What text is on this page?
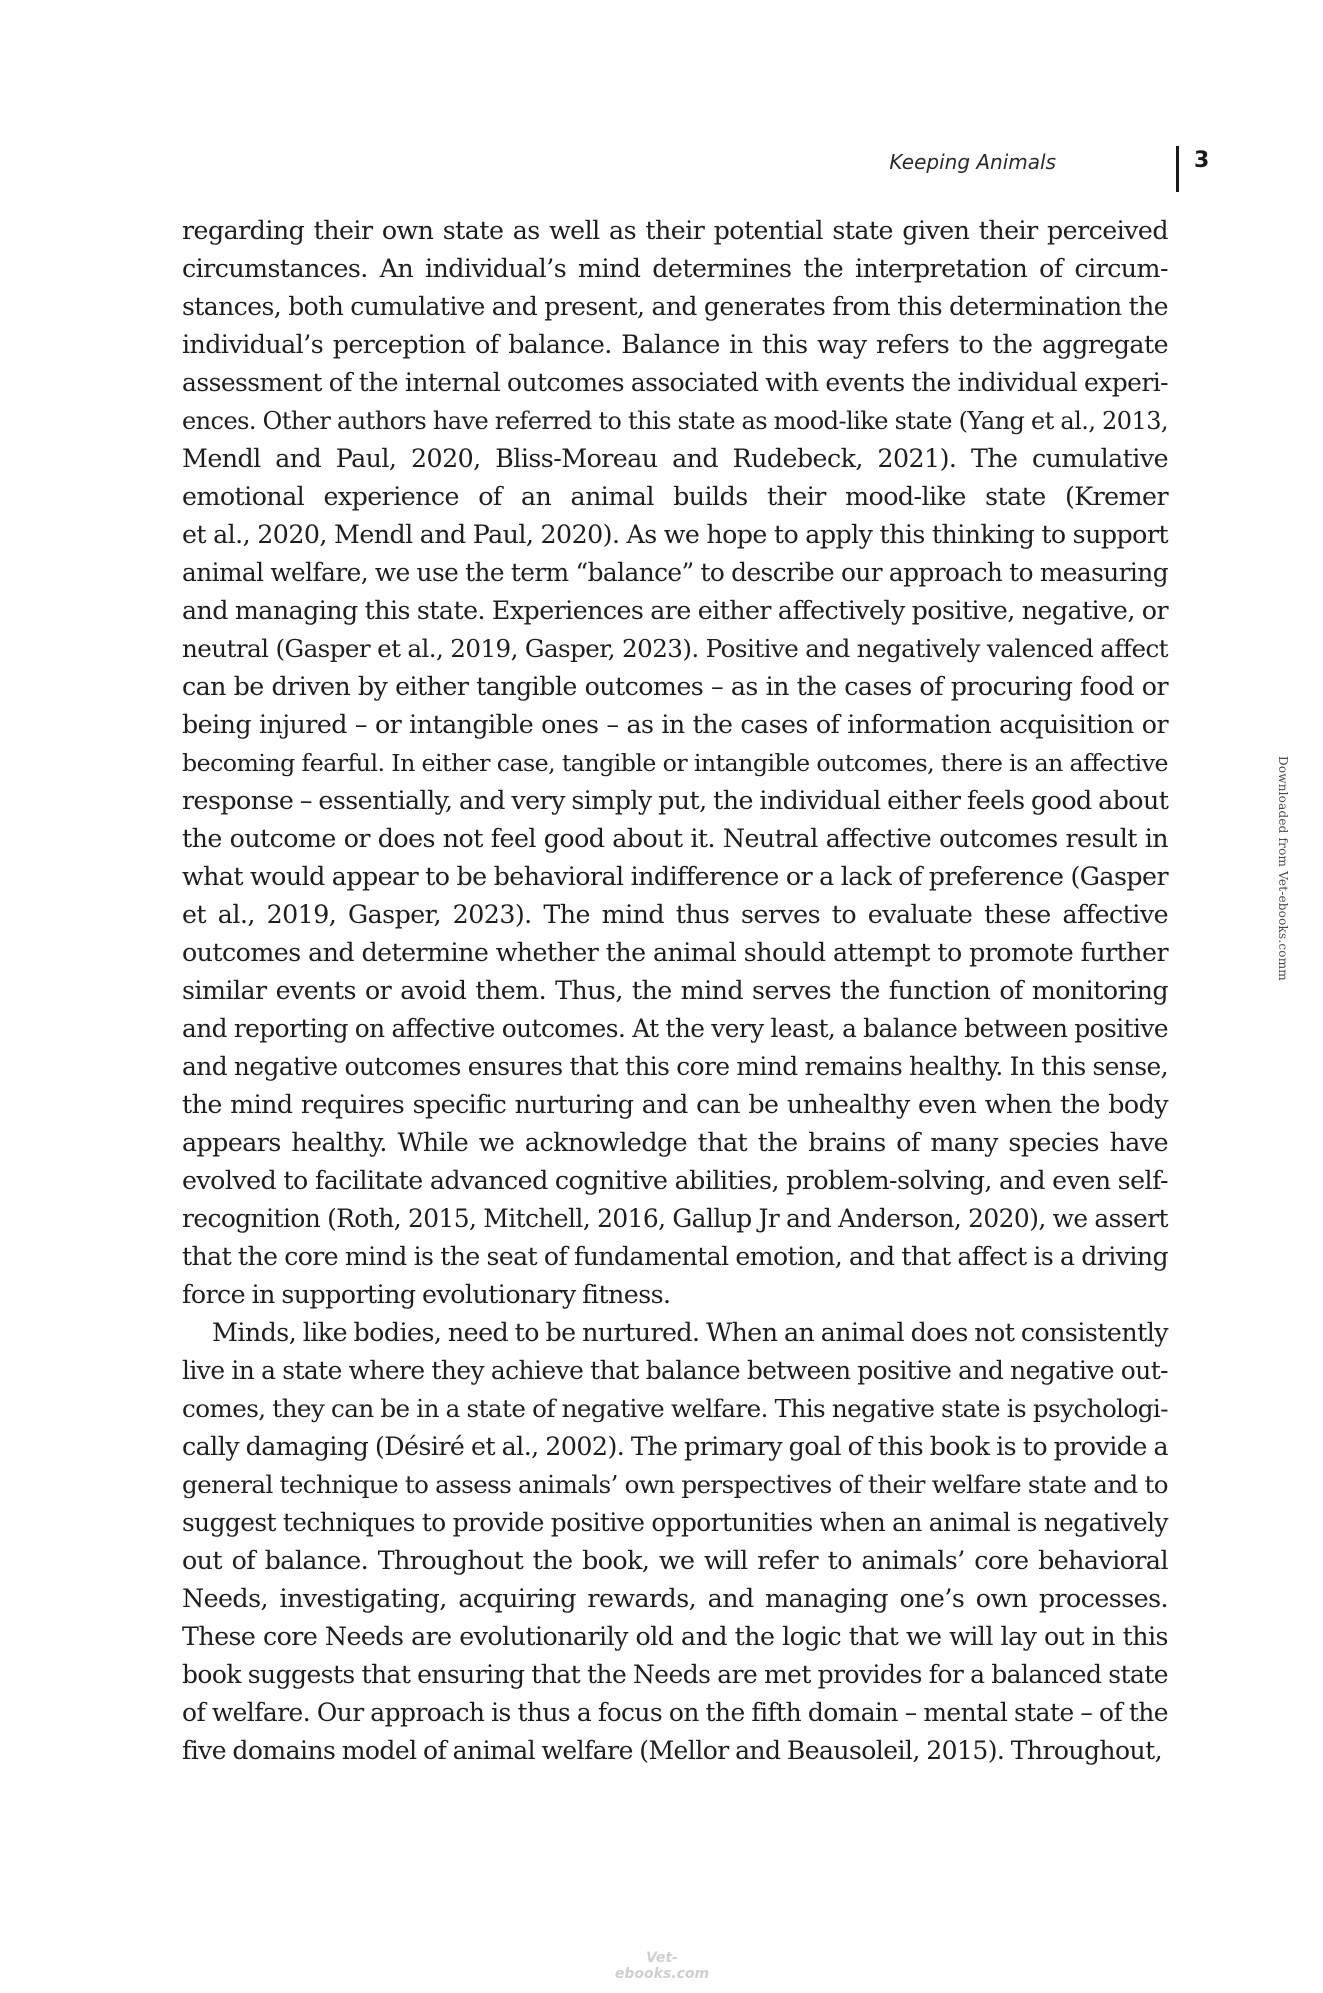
Keeping Animals	3
regarding their own state as well as their potential state given their perceived
circumstances. An individual’s mind determines the interpretation of circum-
stances, both cumulative and present, and generates from this determination the
individual’s perception of balance. Balance in this way refers to the aggregate
assessment of the internal outcomes associated with events the individual experi-
ences. Other authors have referred to this state as mood-like state (Yang et al., 2013,
Mendl and Paul, 2020, Bliss-Moreau and Rudebeck, 2021). The cumulative
emotional experience of an animal builds their mood-like state (Kremer
et al., 2020, Mendl and Paul, 2020). As we hope to apply this thinking to support
animal welfare, we use the term “balance” to describe our approach to measuring
and managing this state. Experiences are either affectively positive, negative, or
neutral (Gasper et al., 2019, Gasper, 2023). Positive and negatively valenced affect
can be driven by either tangible outcomes – as in the cases of procuring food or
being injured – or intangible ones – as in the cases of information acquisition or
becoming fearful. In either case, tangible or intangible outcomes, there is an affective
response – essentially, and very simply put, the individual either feels good about
the outcome or does not feel good about it. Neutral affective outcomes result in
what would appear to be behavioral indifference or a lack of preference (Gasper
et al., 2019, Gasper, 2023). The mind thus serves to evaluate these affective
outcomes and determine whether the animal should attempt to promote further
similar events or avoid them. Thus, the mind serves the function of monitoring
and reporting on affective outcomes. At the very least, a balance between positive
and negative outcomes ensures that this core mind remains healthy. In this sense,
the mind requires specific nurturing and can be unhealthy even when the body
appears healthy. While we acknowledge that the brains of many species have
evolved to facilitate advanced cognitive abilities, problem-solving, and even self-
recognition (Roth, 2015, Mitchell, 2016, Gallup Jr and Anderson, 2020), we assert
that the core mind is the seat of fundamental emotion, and that affect is a driving
force in supporting evolutionary fitness.
Minds, like bodies, need to be nurtured. When an animal does not consistently
live in a state where they achieve that balance between positive and negative out-
comes, they can be in a state of negative welfare. This negative state is psychologi-
cally damaging (Désiré et al., 2002). The primary goal of this book is to provide a
general technique to assess animals’ own perspectives of their welfare state and to
suggest techniques to provide positive opportunities when an animal is negatively
out of balance. Throughout the book, we will refer to animals’ core behavioral
Needs, investigating, acquiring rewards, and managing one’s own processes.
These core Needs are evolutionarily old and the logic that we will lay out in this
book suggests that ensuring that the Needs are met provides for a balanced state
of welfare. Our approach is thus a focus on the fifth domain – mental state – of the
five domains model of animal welfare (Mellor and Beausoleil, 2015). Throughout,
Downloaded from Vet-ebooks.comm
Vet-ebooks.com
